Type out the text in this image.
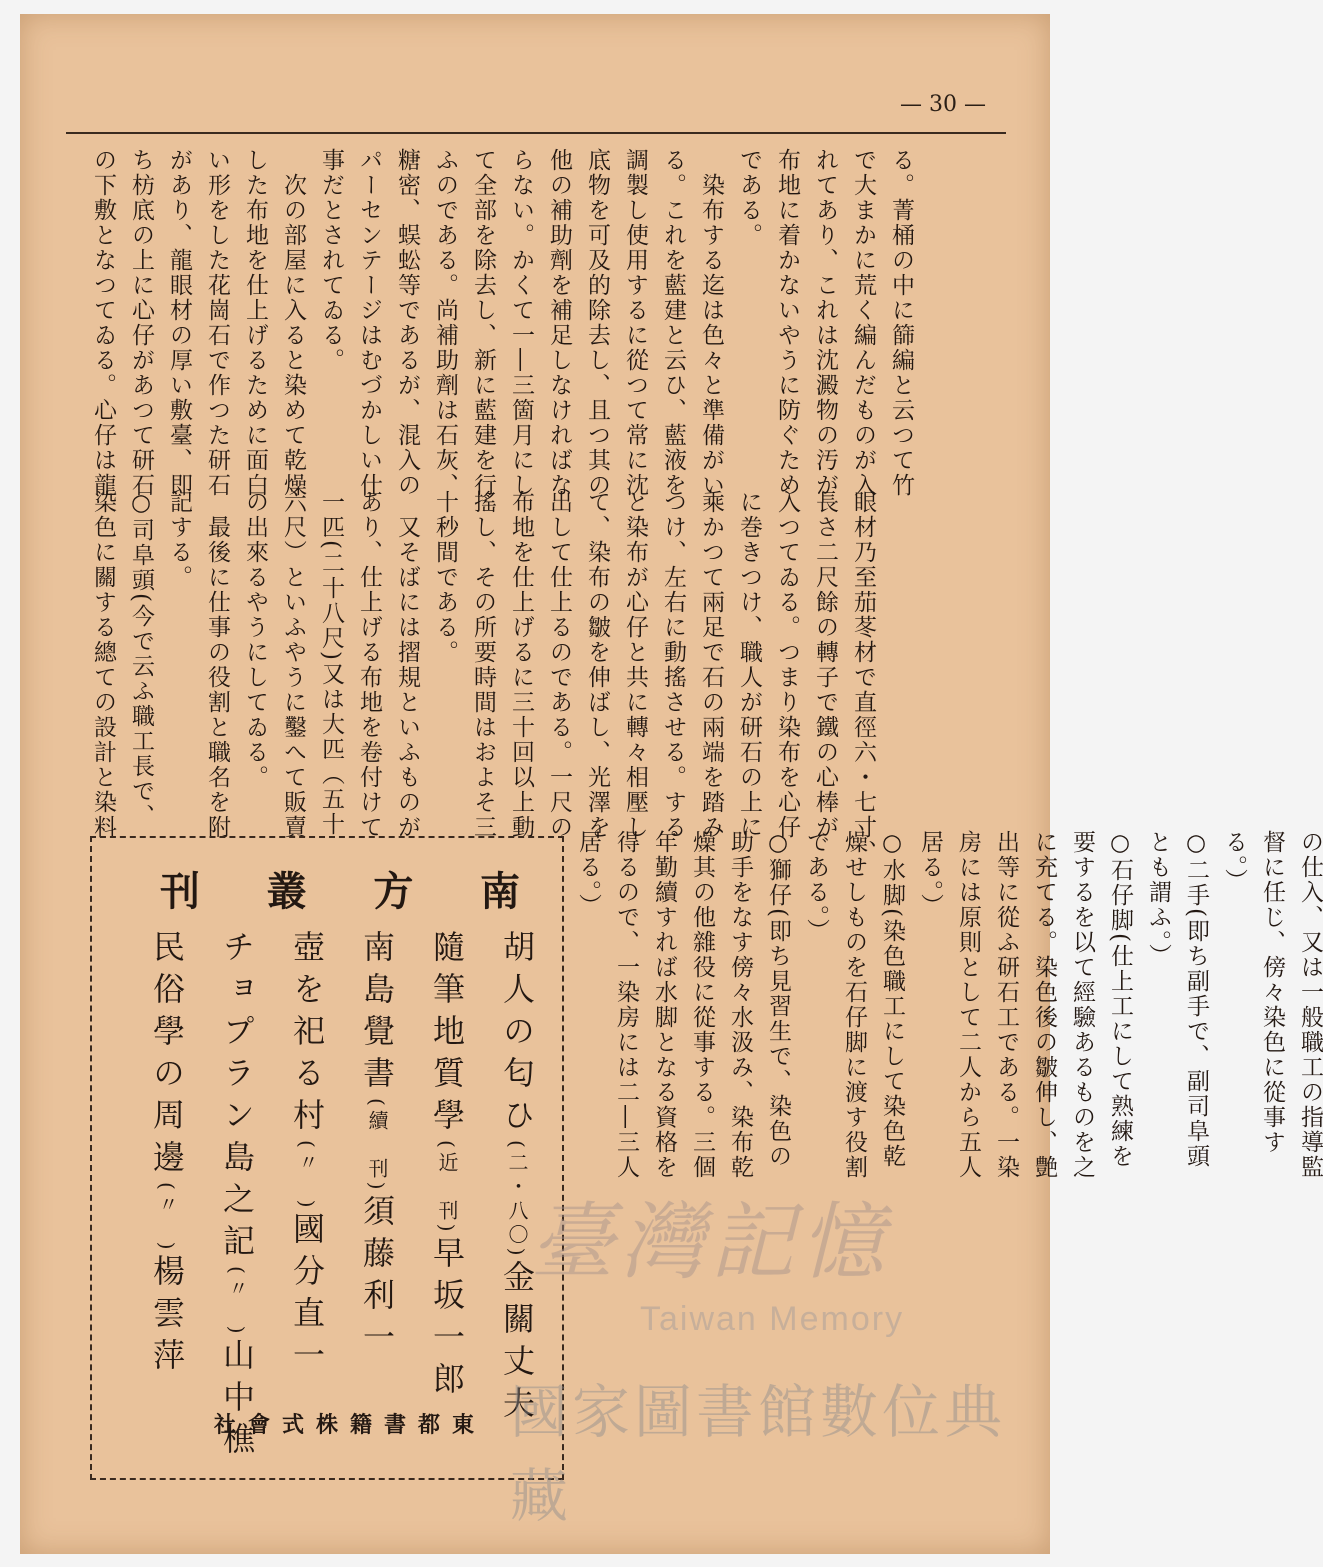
— 30 —
る。菁桶の中に篩編と云つて竹
で大まかに荒く編んだものが入
れてあり、これは沈澱物の汚が
布地に着かないやうに防ぐため
である。
　染布する迄は色々と準備がい
る。これを藍建と云ひ、藍液を
調製し使用するに從つて常に沈
底物を可及的除去し、且つ其の
他の補助劑を補足しなければな
らない。かくて一―三箇月にし
て全部を除去し、新に藍建を行
ふのである。尚補助劑は石灰、
糖密、蜈蚣等であるが、混入の
パーセンテージはむづかしい仕
事だとされてゐる。
　次の部屋に入ると染めて乾燥
した布地を仕上げるために面白
い形をした花崗石で作つた研石
があり、龍眼材の厚い敷臺、即
ち枋底の上に心仔があつて研石
の下敷となつてゐる。心仔は龍
眼材乃至茄苳材で直徑六・七寸、
長さ二尺餘の轉子で鐵の心棒が
入つてゐる。つまり染布を心仔
に巻きつけ、職人が研石の上に
乘かつて兩足で石の兩端を踏み
つけ、左右に動搖させる。する
と染布が心仔と共に轉々相壓し
て、染布の皺を伸ばし、光澤を
出して仕上るのである。一尺の
布地を仕上げるに三十回以上動
搖し、その所要時間はおよそ三
十秒間である。
　又そばには摺規といふものが
あり、仕上げる布地を卷付けて
一匹(二十八尺)又は大匹（五十
六尺）といふやうに鑿へて販賣
の出來るやうにしてゐる。
　最後に仕事の役割と職名を附
記する。
○司阜頭(今で云ふ職工長で、
染色に關する總ての設計と染料
の仕入、又は一般職工の指導監
督に任じ、傍々染色に從事す
る。）
○二手(即ち副手で、副司阜頭
とも謂ふ。）
○石仔脚(仕上工にして熟練を
要するを以て經驗あるものを之
に充てる。染色後の皺伸し、艶
出等に從ふ研石工である。一染
房には原則として二人から五人
居る。）
○水脚(染色職工にして染色乾
燥せしものを石仔脚に渡す役割
である。）
○獅仔(即ち見習生で、染色の
助手をなす傍々水汲み、染布乾
燥其の他雜役に從事する。三個
年勤續すれば水脚となる資格を
得るので、一染房には二―三人
居る。）
刊 叢 方 南
胡人の匂ひ(二・八〇)金關丈夫
隨筆地質學(近　刊)早坂一郎
南島覺書(續　刊)須藤利一
壺を祀る村(〃　)國分直一
チョプラン島之記(〃　)山中樵
民俗學の周邊(〃　)楊雲萍
東都書籍株式會社
臺灣記憶
Taiwan Memory
國家圖書館數位典藏
